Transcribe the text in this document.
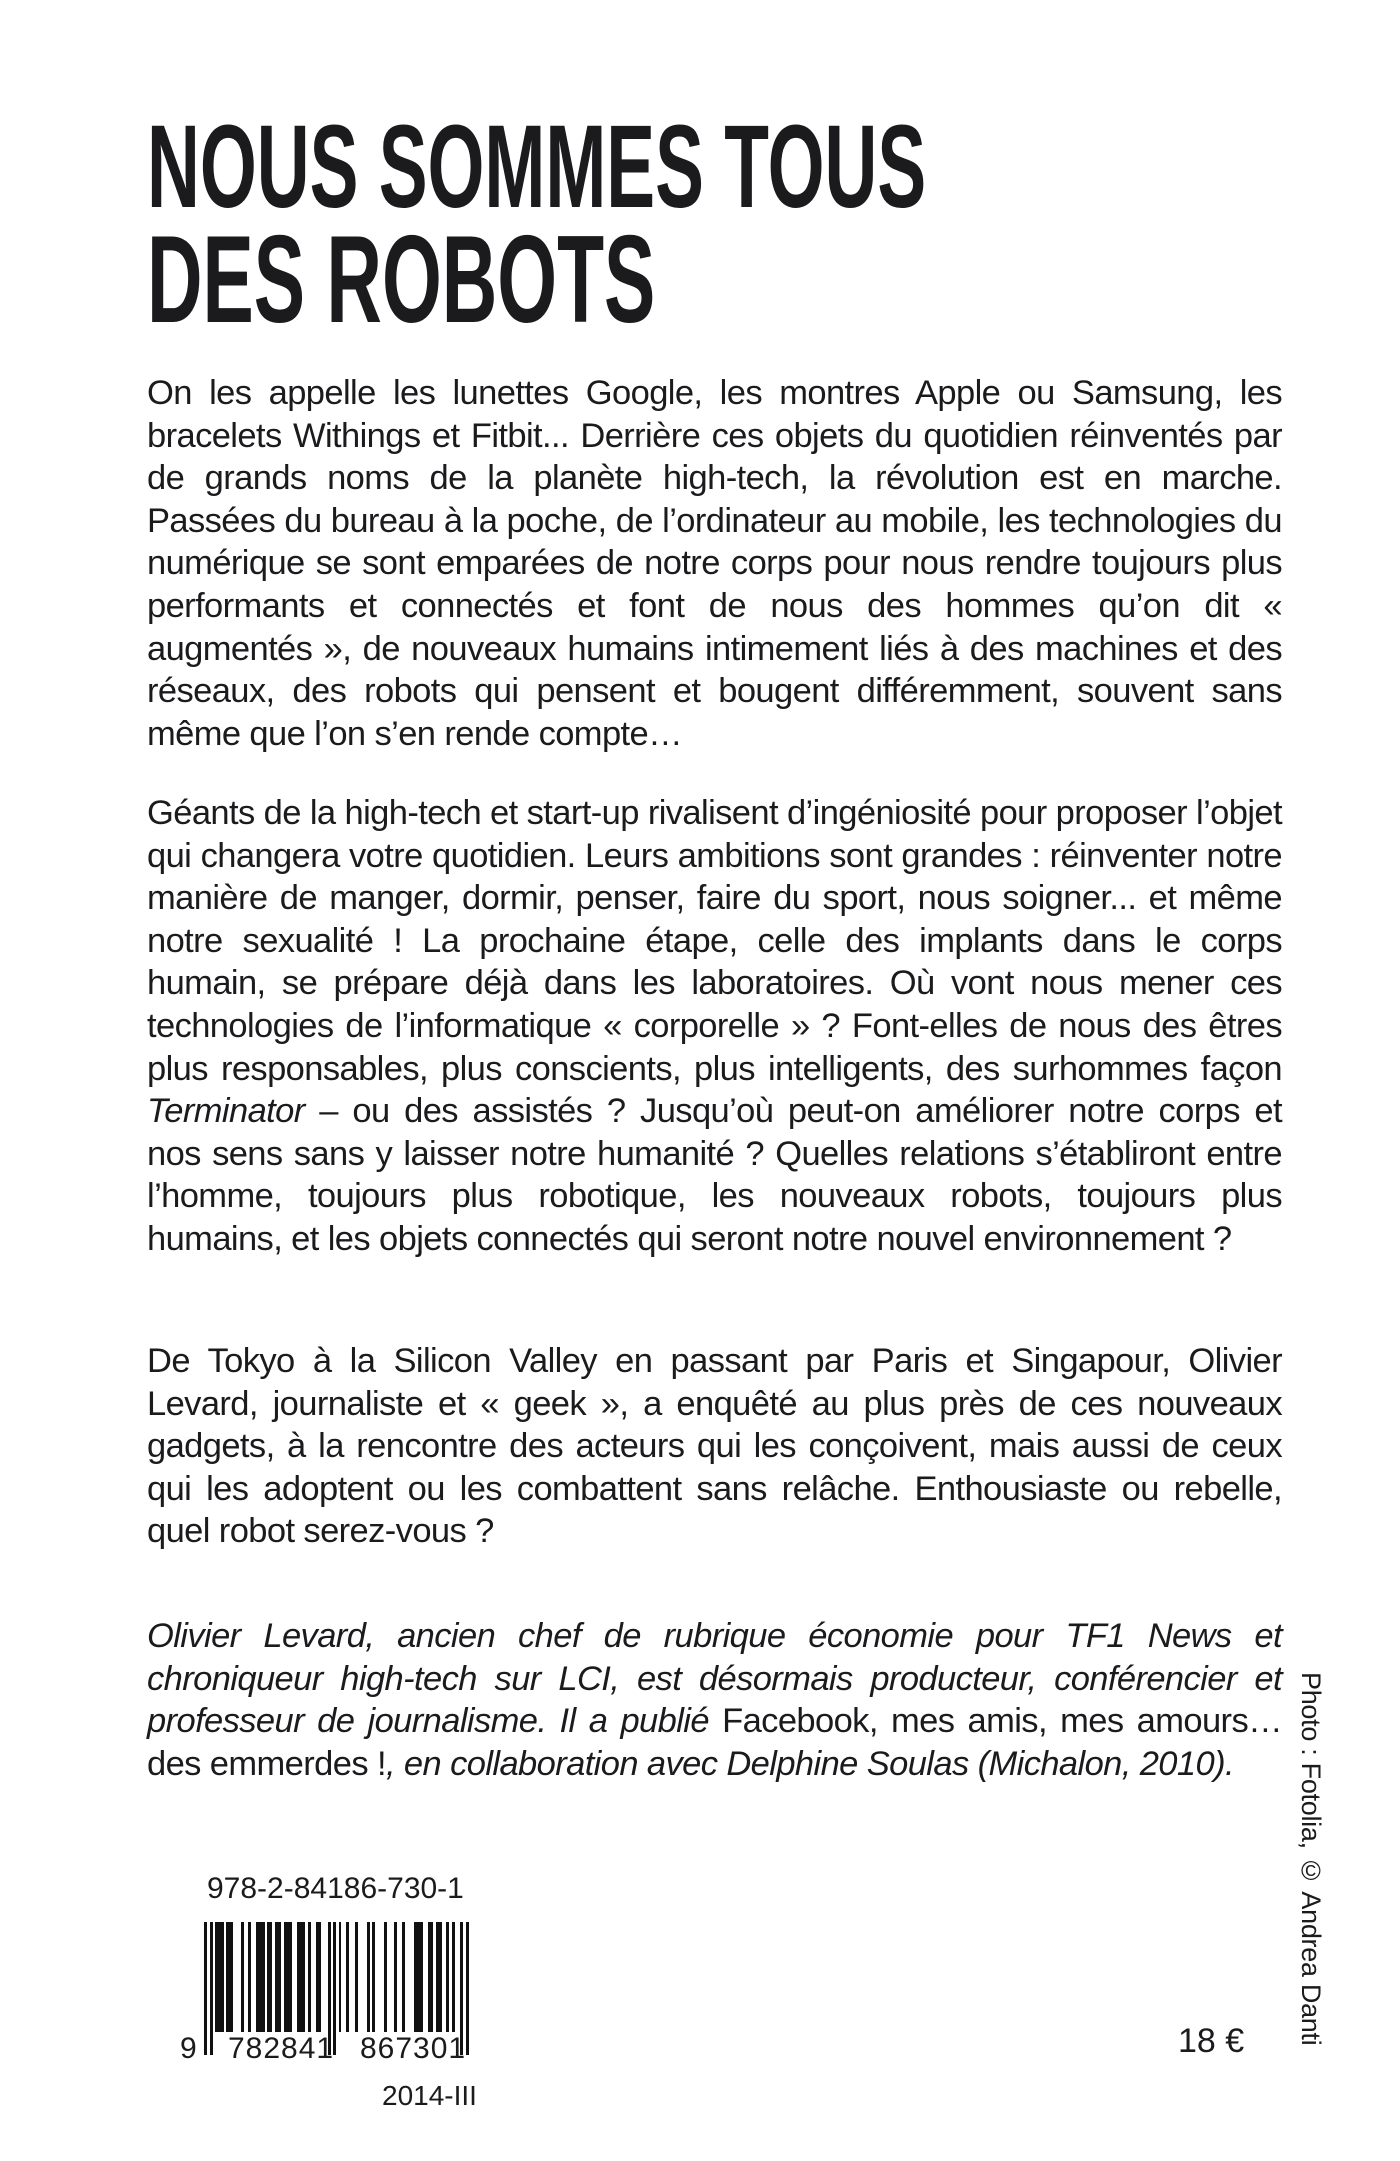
NOUS SOMMES TOUS
DES ROBOTS

On les appelle les lunettes Google, les montres Apple ou Samsung, les bracelets Withings et Fitbit... Derrière ces objets du quotidien réinventés par de grands noms de la planète high-tech, la révolution est en marche. Passées du bureau à la poche, de l’ordinateur au mobile, les technologies du numérique se sont emparées de notre corps pour nous rendre toujours plus performants et connectés et font de nous des hommes qu’on dit « augmentés », de nouveaux humains intimement liés à des machines et des réseaux, des robots qui pensent et bougent différemment, souvent sans même que l’on s’en rende compte…

Géants de la high-tech et start-up rivalisent d’ingéniosité pour proposer l’objet qui changera votre quotidien. Leurs ambitions sont grandes : réinventer notre manière de manger, dormir, penser, faire du sport, nous soigner... et même notre sexualité ! La prochaine étape, celle des implants dans le corps humain, se prépare déjà dans les laboratoires. Où vont nous mener ces technologies de l’informatique « corporelle » ? Font-elles de nous des êtres plus responsables, plus conscients, plus intelligents, des surhommes façon Terminator – ou des assistés ? Jusqu’où peut-on améliorer notre corps et nos sens sans y laisser notre humanité ? Quelles relations s’établiront entre l’homme, toujours plus robotique, les nouveaux robots, toujours plus humains, et les objets connectés qui seront notre nouvel environnement ?

De Tokyo à la Silicon Valley en passant par Paris et Singapour, Olivier Levard, journaliste et « geek », a enquêté au plus près de ces nouveaux gadgets, à la rencontre des acteurs qui les conçoivent, mais aussi de ceux qui les adoptent ou les combattent sans relâche. Enthousiaste ou rebelle, quel robot serez-vous ?

Olivier Levard, ancien chef de rubrique économie pour TF1 News et chroniqueur high-tech sur LCI, est désormais producteur, conférencier et professeur de journalisme. Il a publié Facebook, mes amis, mes amours… des emmerdes !, en collaboration avec Delphine Soulas (Michalon, 2010).	Photo : Fotolia, © Andrea Danti
978-2-84186-730-1
9 782841 867301
2014-III
18 €
